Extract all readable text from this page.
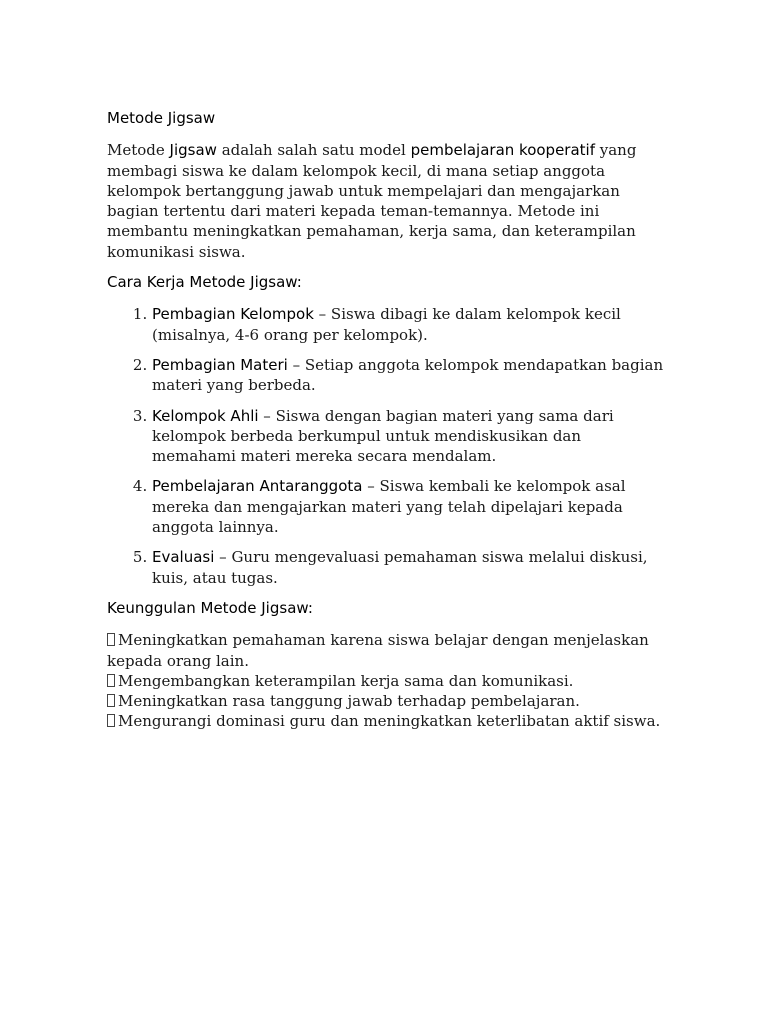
Metode Jigsaw

Metode Jigsaw adalah salah satu model pembelajaran kooperatif yang membagi siswa ke dalam kelompok kecil, di mana setiap anggota kelompok bertanggung jawab untuk mempelajari dan mengajarkan bagian tertentu dari materi kepada teman-temannya. Metode ini membantu meningkatkan pemahaman, kerja sama, dan keterampilan komunikasi siswa.

Cara Kerja Metode Jigsaw:
1. Pembagian Kelompok – Siswa dibagi ke dalam kelompok kecil (misalnya, 4-6 orang per kelompok).
2. Pembagian Materi – Setiap anggota kelompok mendapatkan bagian materi yang berbeda.
3. Kelompok Ahli – Siswa dengan bagian materi yang sama dari kelompok berbeda berkumpul untuk mendiskusikan dan memahami materi mereka secara mendalam.
4. Pembelajaran Antaranggota – Siswa kembali ke kelompok asal mereka dan mengajarkan materi yang telah dipelajari kepada anggota lainnya.
5. Evaluasi – Guru mengevaluasi pemahaman siswa melalui diskusi, kuis, atau tugas.
Keunggulan Metode Jigsaw:
Meningkatkan pemahaman karena siswa belajar dengan menjelaskan kepada orang lain.
Mengembangkan keterampilan kerja sama dan komunikasi.
Meningkatkan rasa tanggung jawab terhadap pembelajaran.
Mengurangi dominasi guru dan meningkatkan keterlibatan aktif siswa.
